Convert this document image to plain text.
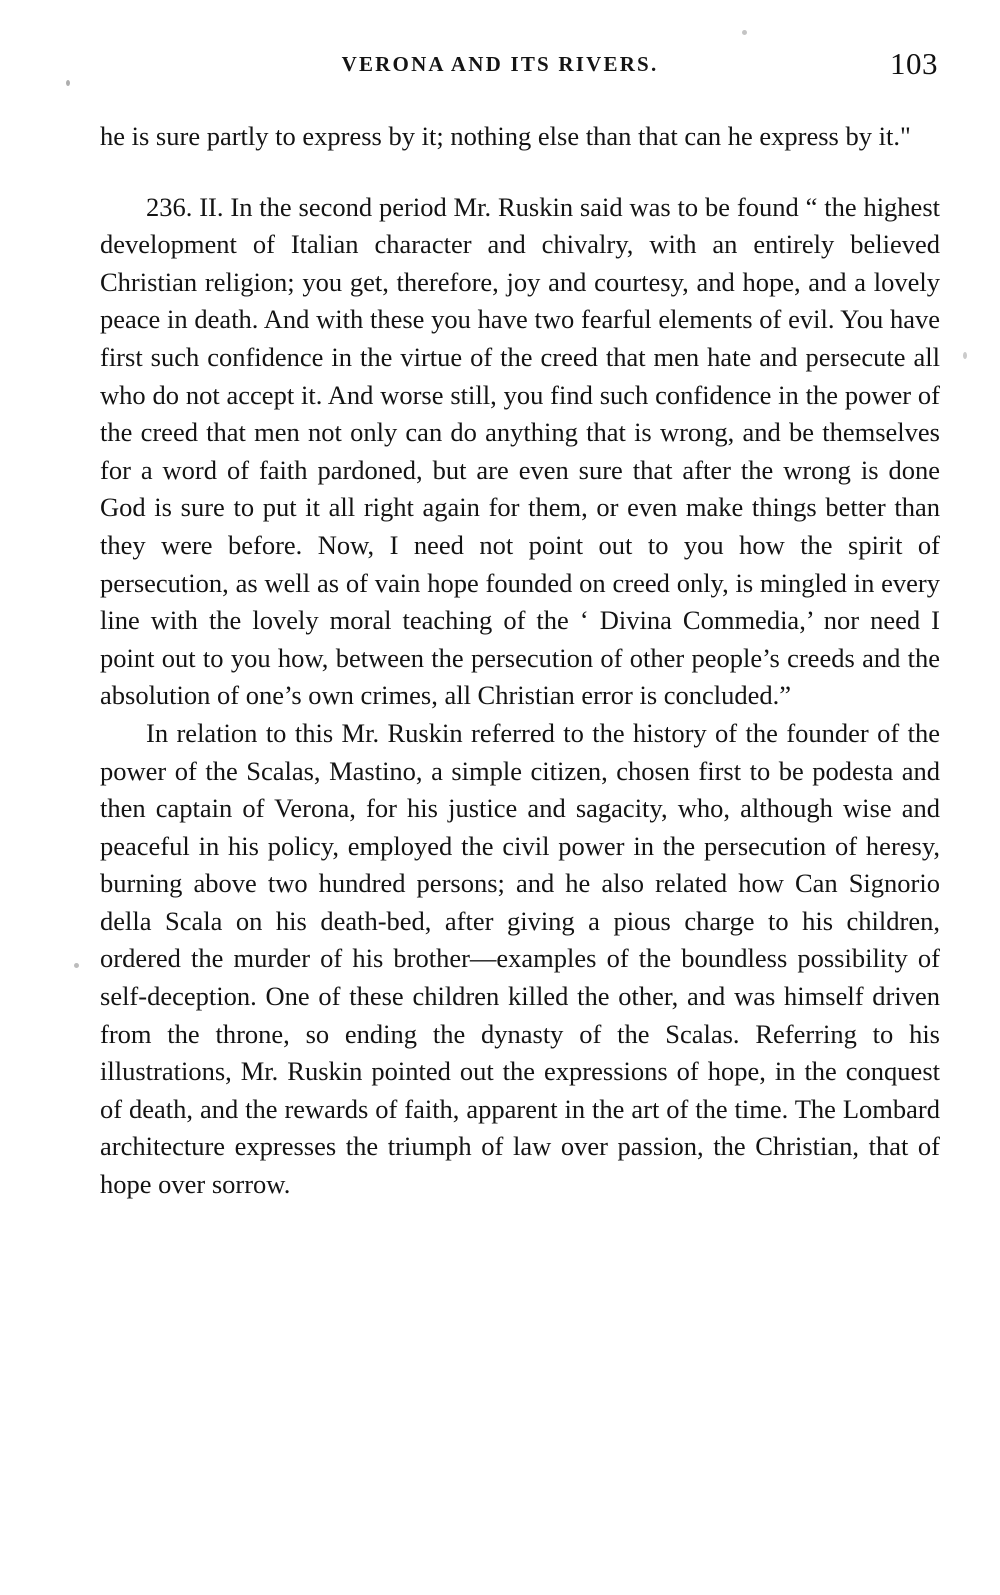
VERONA AND ITS RIVERS.	103

he is sure partly to express by it; nothing else than that can he express by it."

236. II. In the second period Mr. Ruskin said was to be found “ the highest development of Italian character and chivalry, with an entirely believed Christian religion; you get, therefore, joy and courtesy, and hope, and a lovely peace in death. And with these you have two fearful elements of evil. You have first such confidence in the virtue of the creed that men hate and persecute all who do not accept it. And worse still, you find such confidence in the power of the creed that men not only can do anything that is wrong, and be themselves for a word of faith pardoned, but are even sure that after the wrong is done God is sure to put it all right again for them, or even make things better than they were before. Now, I need not point out to you how the spirit of persecution, as well as of vain hope founded on creed only, is mingled in every line with the lovely moral teaching of the ‘ Divina Commedia,’ nor need I point out to you how, between the persecution of other people’s creeds and the absolution of one’s own crimes, all Christian error is concluded.”

In relation to this Mr. Ruskin referred to the history of the founder of the power of the Scalas, Mastino, a simple citizen, chosen first to be podesta and then captain of Verona, for his justice and sagacity, who, although wise and peaceful in his policy, employed the civil power in the persecution of heresy, burning above two hundred persons; and he also related how Can Signorio della Scala on his death-bed, after giving a pious charge to his children, ordered the murder of his brother—examples of the boundless possibility of self-deception. One of these children killed the other, and was himself driven from the throne, so ending the dynasty of the Scalas. Referring to his illustrations, Mr. Ruskin pointed out the expressions of hope, in the conquest of death, and the rewards of faith, apparent in the art of the time. The Lombard architecture expresses the triumph of law over passion, the Christian, that of hope over sorrow.
